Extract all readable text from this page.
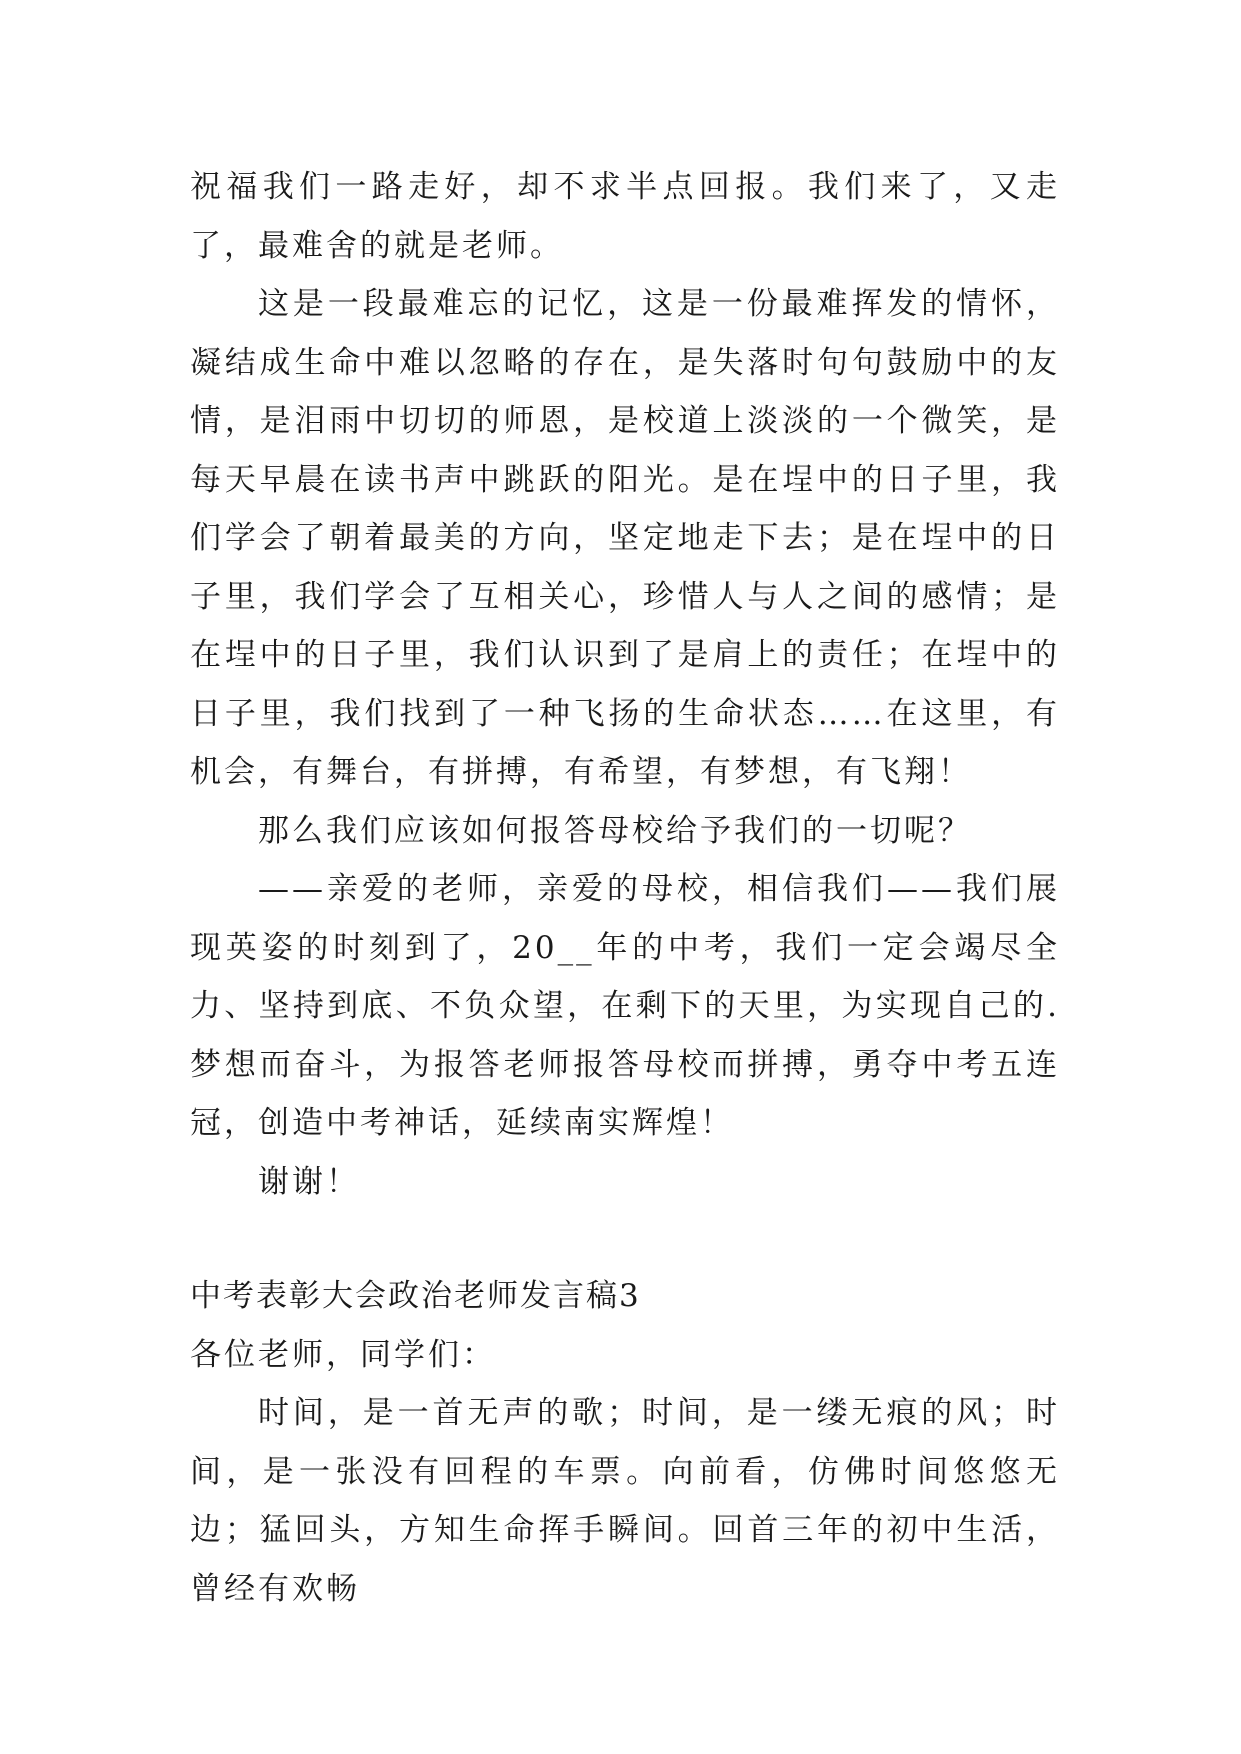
祝福我们一路走好，却不求半点回报。我们来了，又走了，最难舍的就是老师。

这是一段最难忘的记忆，这是一份最难挥发的情怀，凝结成生命中难以忽略的存在，是失落时句句鼓励中的友情，是泪雨中切切的师恩，是校道上淡淡的一个微笑，是每天早晨在读书声中跳跃的阳光。是在埕中的日子里，我们学会了朝着最美的方向，坚定地走下去；是在埕中的日子里，我们学会了互相关心，珍惜人与人之间的感情；是在埕中的日子里，我们认识到了是肩上的责任；在埕中的日子里，我们找到了一种飞扬的生命状态……在这里，有机会，有舞台，有拼搏，有希望，有梦想，有飞翔！

那么我们应该如何报答母校给予我们的一切呢？

——亲爱的老师，亲爱的母校，相信我们——我们展现英姿的时刻到了，20__年的中考，我们一定会竭尽全力、坚持到底、不负众望，在剩下的天里，为实现自己的.梦想而奋斗，为报答老师报答母校而拼搏，勇夺中考五连冠，创造中考神话，延续南实辉煌！

谢谢！

中考表彰大会政治老师发言稿3

各位老师，同学们：

时间，是一首无声的歌；时间，是一缕无痕的风；时间，是一张没有回程的车票。向前看，仿佛时间悠悠无边；猛回头，方知生命挥手瞬间。回首三年的初中生活，曾经有欢畅
